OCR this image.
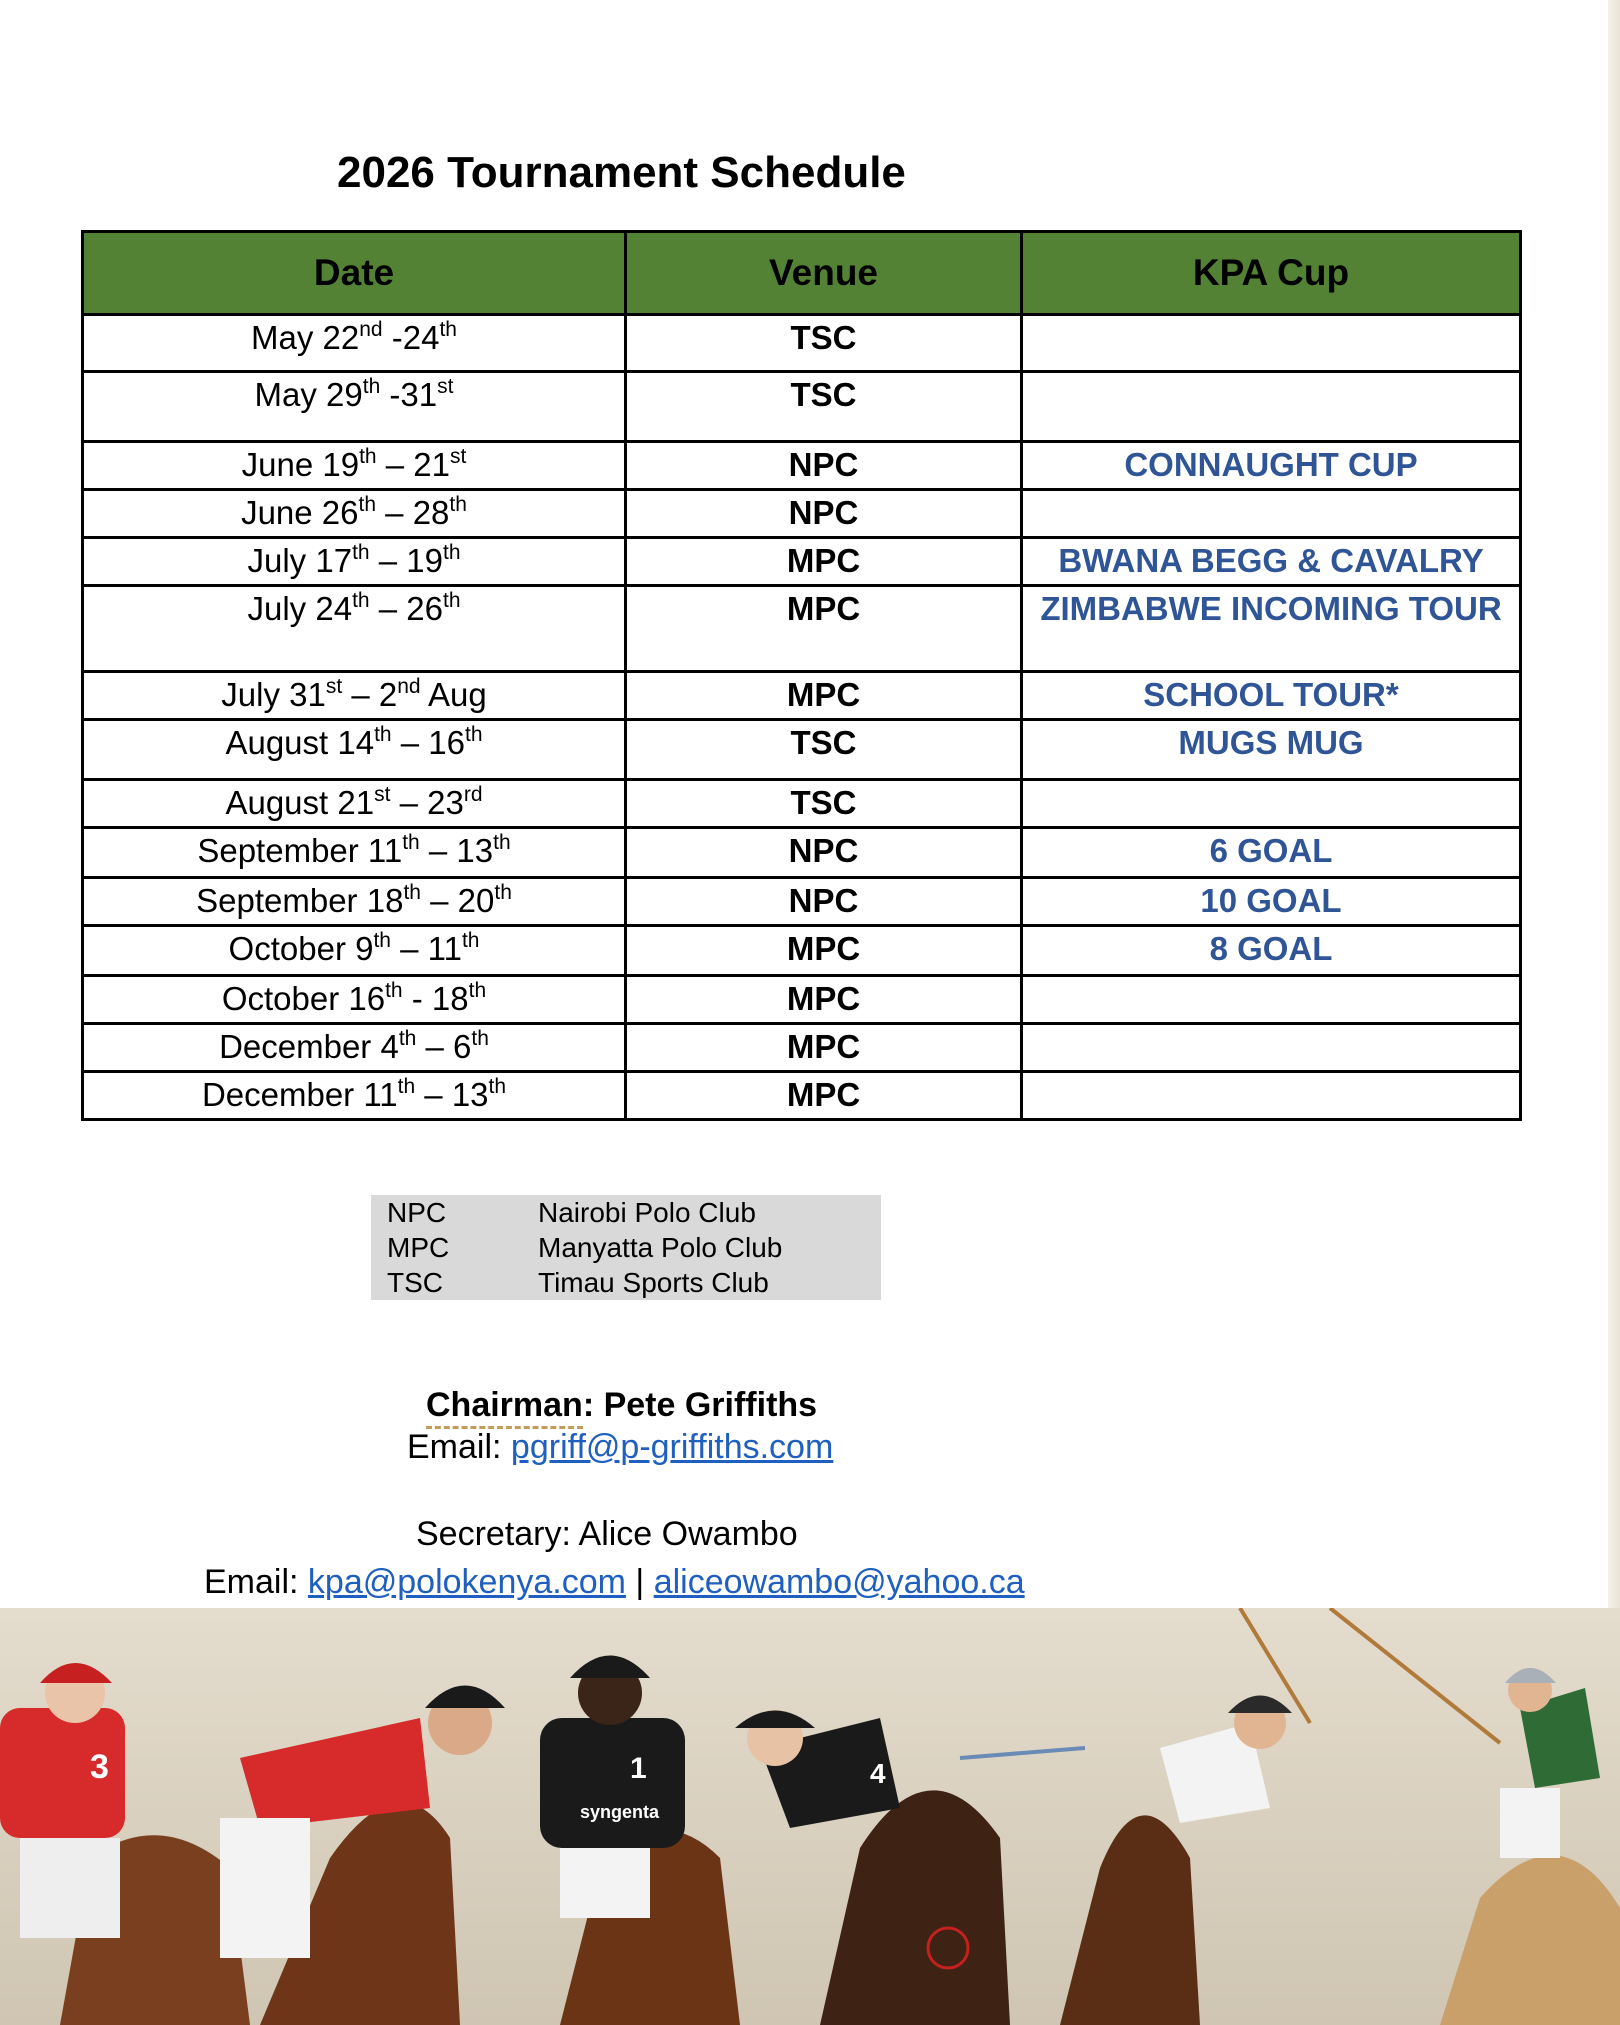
2026 Tournament Schedule
Date	Venue	KPA Cup
May 22nd -24th	TSC	
May 29th -31st	TSC	
June 19th – 21st	NPC	CONNAUGHT CUP
June 26th – 28th	NPC	
July 17th – 19th	MPC	BWANA BEGG & CAVALRY
July 24th – 26th	MPC	ZIMBABWE INCOMING TOUR
July 31st – 2nd Aug	MPC	SCHOOL TOUR*
August 14th – 16th	TSC	MUGS MUG
August 21st – 23rd	TSC	
September 11th – 13th	NPC	6 GOAL
September 18th – 20th	NPC	10 GOAL
October 9th – 11th	MPC	8 GOAL
October 16th - 18th	MPC	
December 4th – 6th	MPC	
December 11th – 13th	MPC	
NPC	Nairobi Polo Club
MPC	Manyatta Polo Club
TSC	Timau Sports Club
Chairman: Pete Griffiths
Email: pgriff@p-griffiths.com
Secretary: Alice Owambo
Email: kpa@polokenya.com | aliceowambo@yahoo.ca
3	1
syngenta
4
